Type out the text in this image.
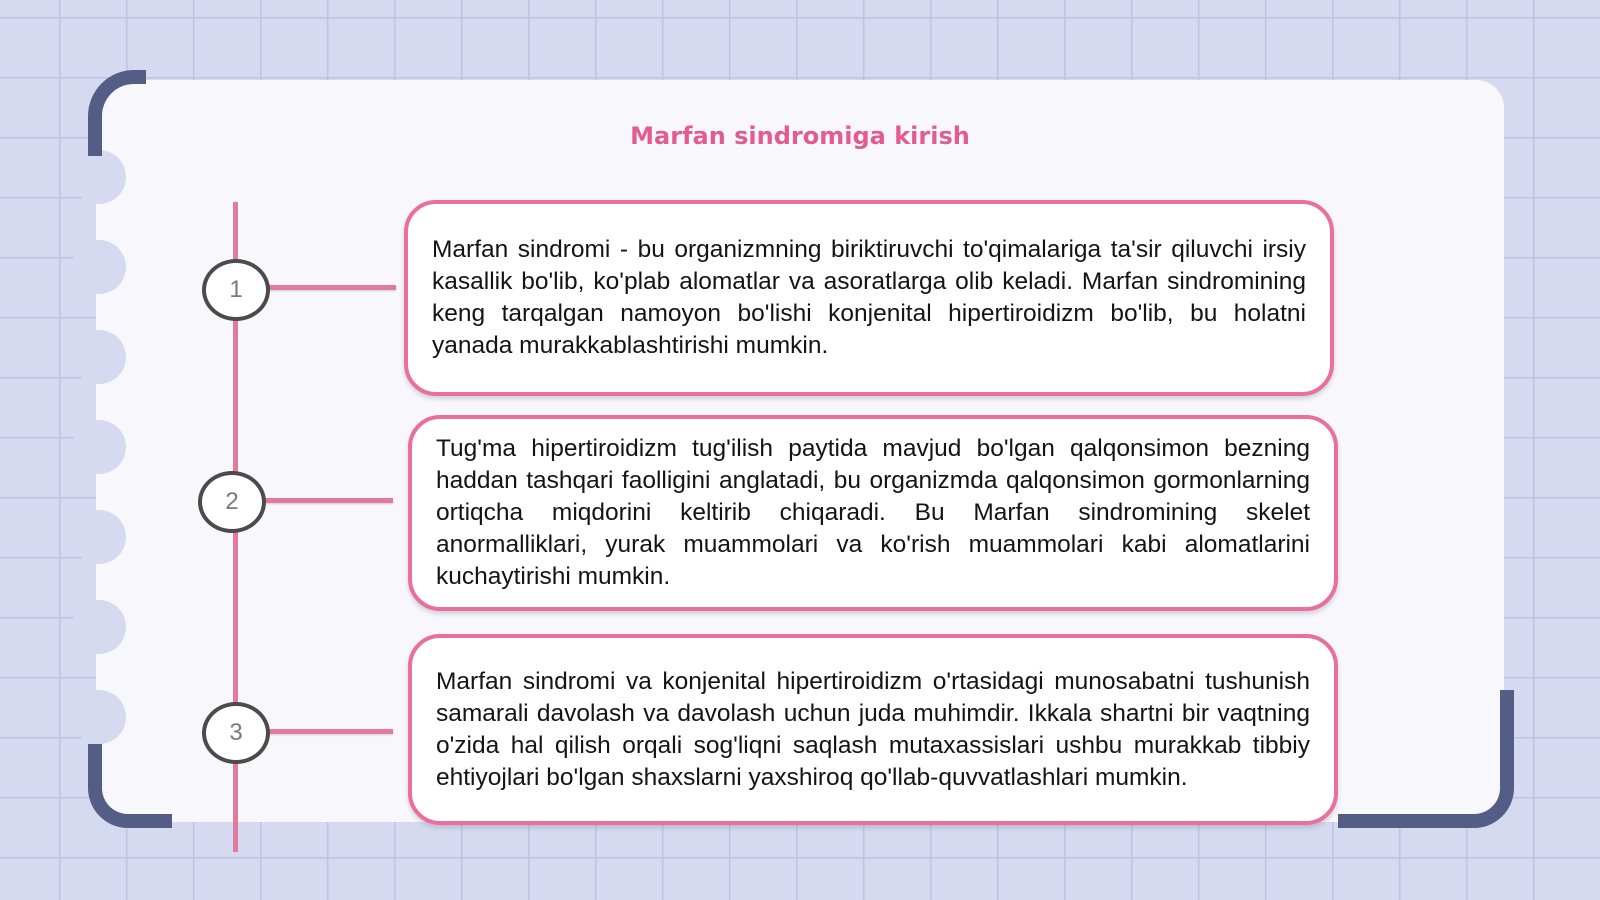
Marfan sindromiga kirish
1
2
3

Marfan sindromi - bu organizmning biriktiruvchi to'qimalariga ta'sir qiluvchi irsiy kasallik bo'lib, ko'plab alomatlar va asoratlarga olib keladi. Marfan sindromining keng tarqalgan namoyon bo'lishi konjenital hipertiroidizm bo'lib, bu holatni yanada murakkablashtirishi mumkin.

Tug'ma hipertiroidizm tug'ilish paytida mavjud bo'lgan qalqonsimon bezning haddan tashqari faolligini anglatadi, bu organizmda qalqonsimon gormonlarning ortiqcha miqdorini keltirib chiqaradi. Bu Marfan sindromining skelet anormalliklari, yurak muammolari va ko'rish muammolari kabi alomatlarini kuchaytirishi mumkin.

Marfan sindromi va konjenital hipertiroidizm o'rtasidagi munosabatni tushunish samarali davolash va davolash uchun juda muhimdir. Ikkala shartni bir vaqtning o'zida hal qilish orqali sog'liqni saqlash mutaxassislari ushbu murakkab tibbiy ehtiyojlari bo'lgan shaxslarni yaxshiroq qo'llab-quvvatlashlari mumkin.
